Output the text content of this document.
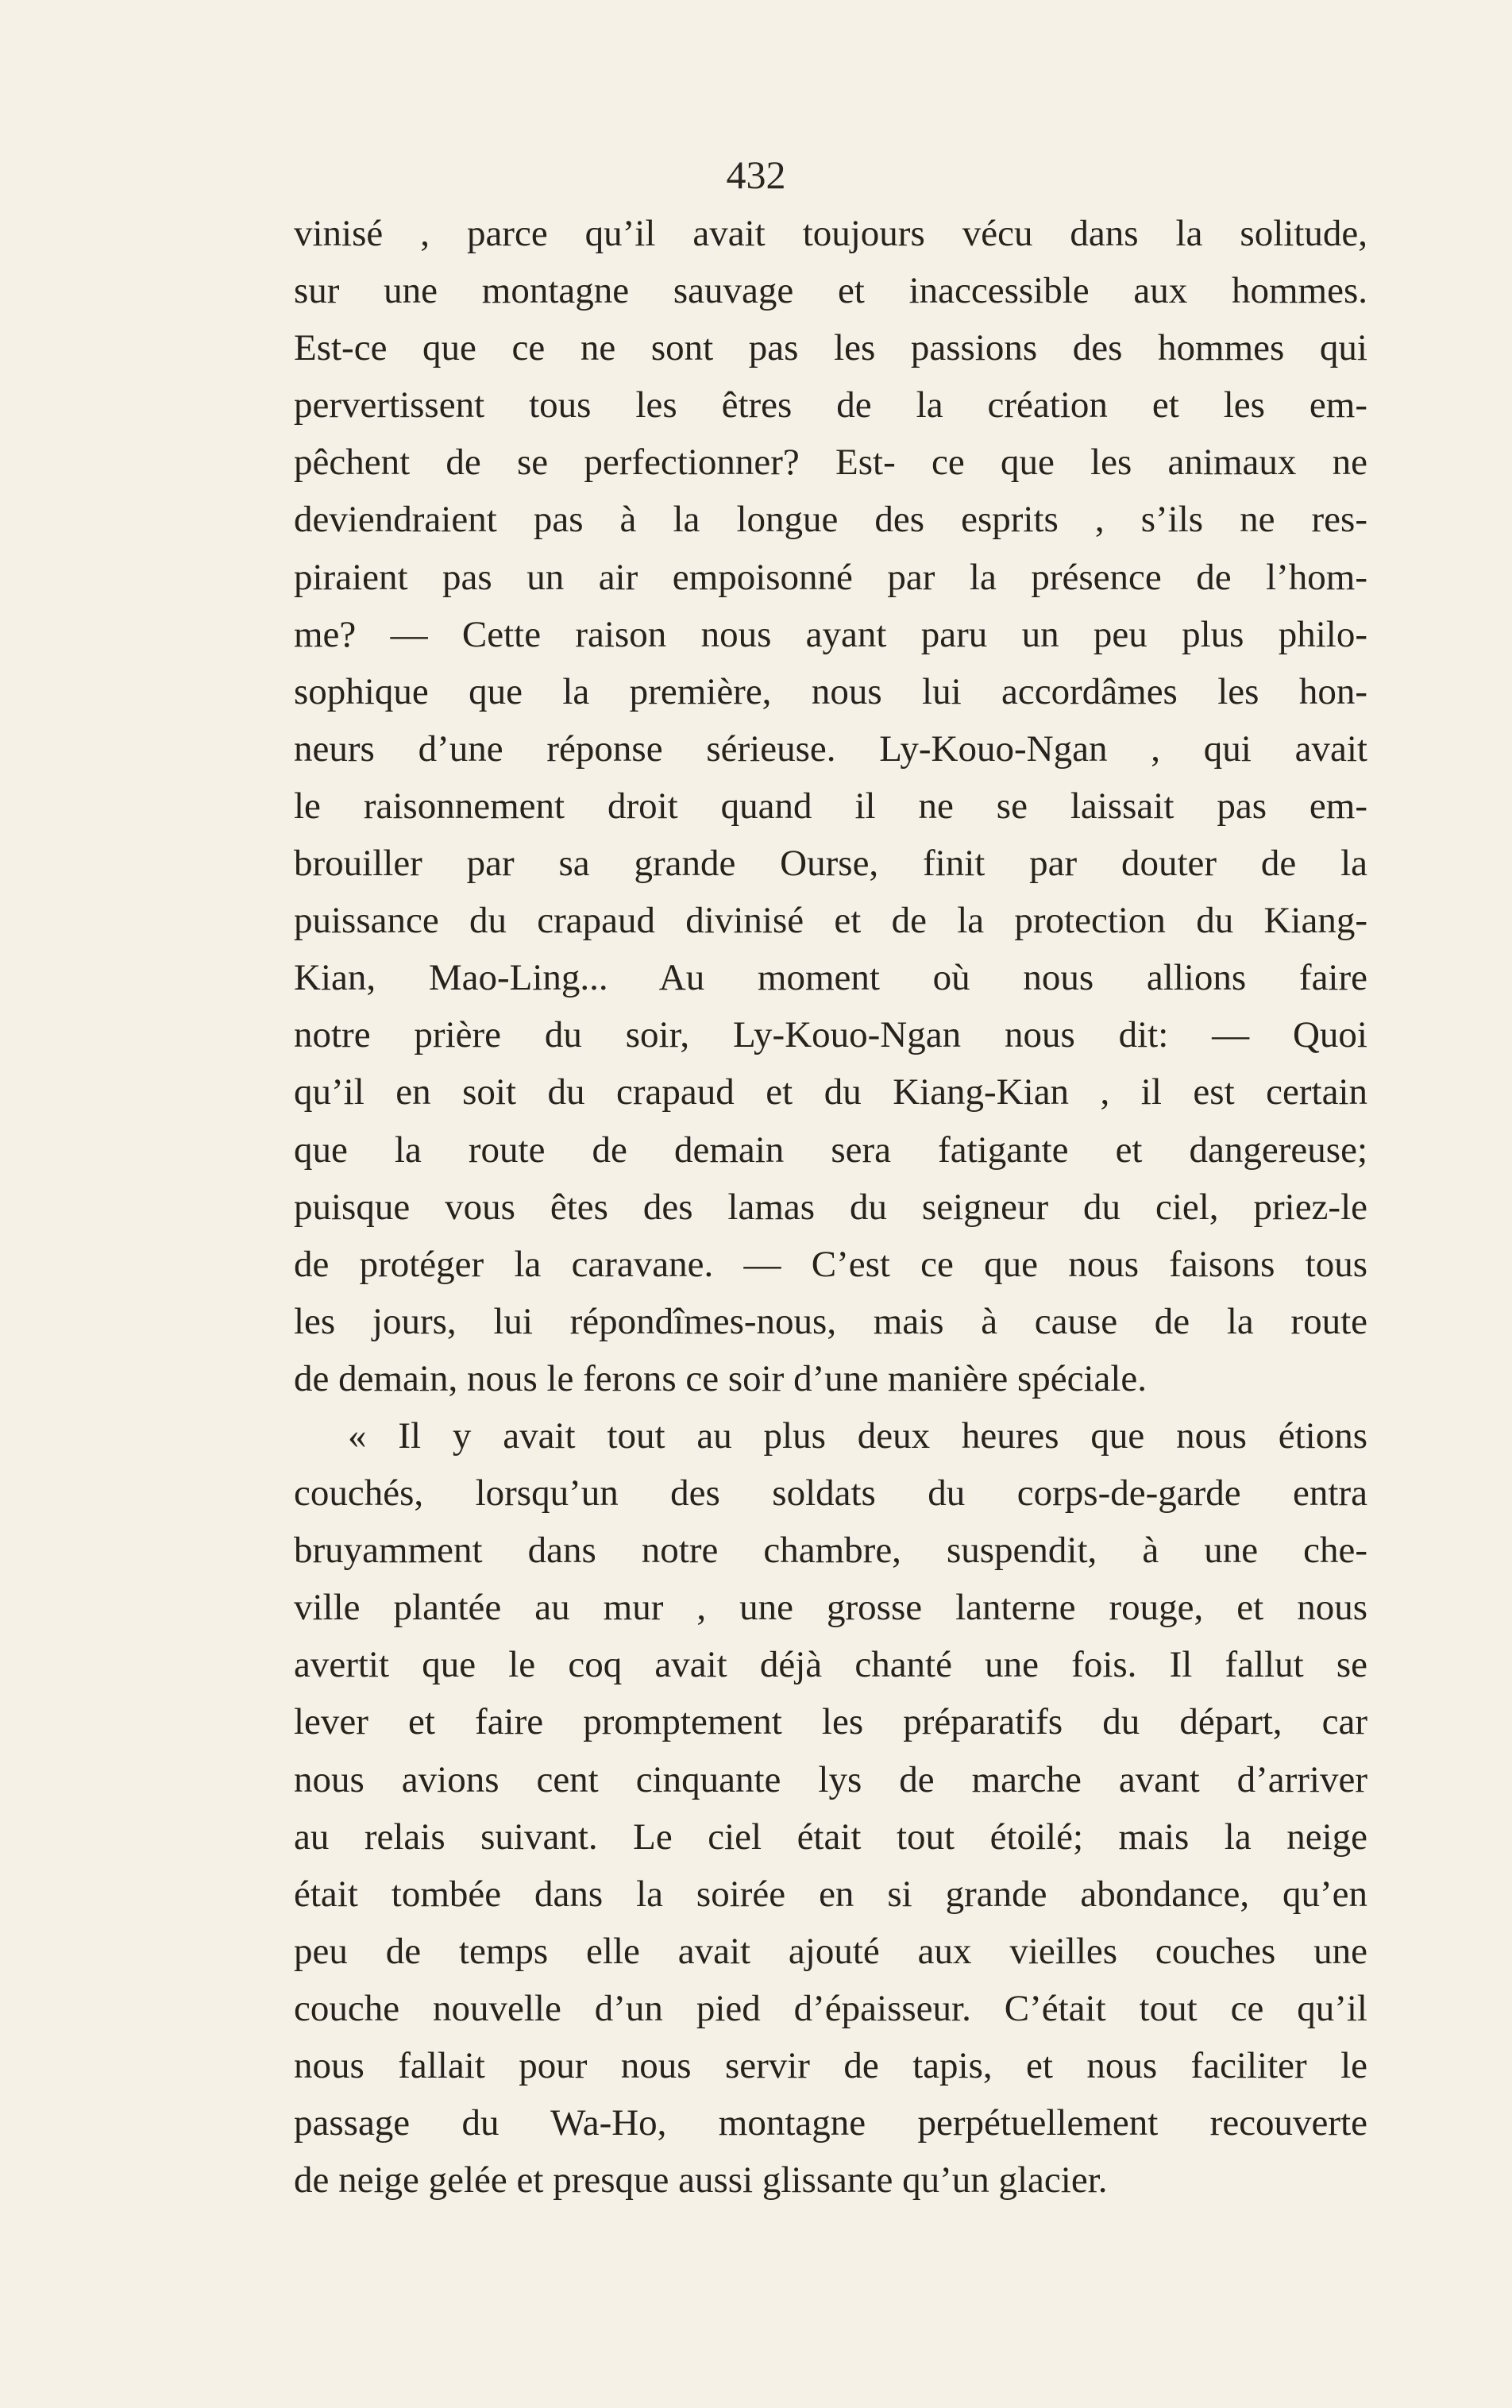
432
vinisé , parce qu’il avait toujours vécu dans la solitude,
sur une montagne sauvage et inaccessible aux hommes.
Est-ce que ce ne sont pas les passions des hommes qui
pervertissent tous les êtres de la création et les em-
pêchent de se perfectionner? Est- ce que les animaux ne
deviendraient pas à la longue des esprits , s’ils ne res-
piraient pas un air empoisonné par la présence de l’hom-
me? — Cette raison nous ayant paru un peu plus philo-
sophique que la première, nous lui accordâmes les hon-
neurs d’une réponse sérieuse. Ly-Kouo-Ngan , qui avait
le raisonnement droit quand il ne se laissait pas em-
brouiller par sa grande Ourse, finit par douter de la
puissance du crapaud divinisé et de la protection du Kiang-
Kian, Mao-Ling... Au moment où nous allions faire
notre prière du soir, Ly-Kouo-Ngan nous dit: — Quoi
qu’il en soit du crapaud et du Kiang-Kian , il est certain
que la route de demain sera fatigante et dangereuse;
puisque vous êtes des lamas du seigneur du ciel, priez-le
de protéger la caravane. — C’est ce que nous faisons tous
les jours, lui répondîmes-nous, mais à cause de la route
de demain, nous le ferons ce soir d’une manière spéciale.
« Il y avait tout au plus deux heures que nous étions
couchés, lorsqu’un des soldats du corps-de-garde entra
bruyamment dans notre chambre, suspendit, à une che-
ville plantée au mur , une grosse lanterne rouge, et nous
avertit que le coq avait déjà chanté une fois. Il fallut se
lever et faire promptement les préparatifs du départ, car
nous avions cent cinquante lys de marche avant d’arriver
au relais suivant. Le ciel était tout étoilé; mais la neige
était tombée dans la soirée en si grande abondance, qu’en
peu de temps elle avait ajouté aux vieilles couches une
couche nouvelle d’un pied d’épaisseur. C’était tout ce qu’il
nous fallait pour nous servir de tapis, et nous faciliter le
passage du Wa-Ho, montagne perpétuellement recouverte
de neige gelée et presque aussi glissante qu’un glacier.
